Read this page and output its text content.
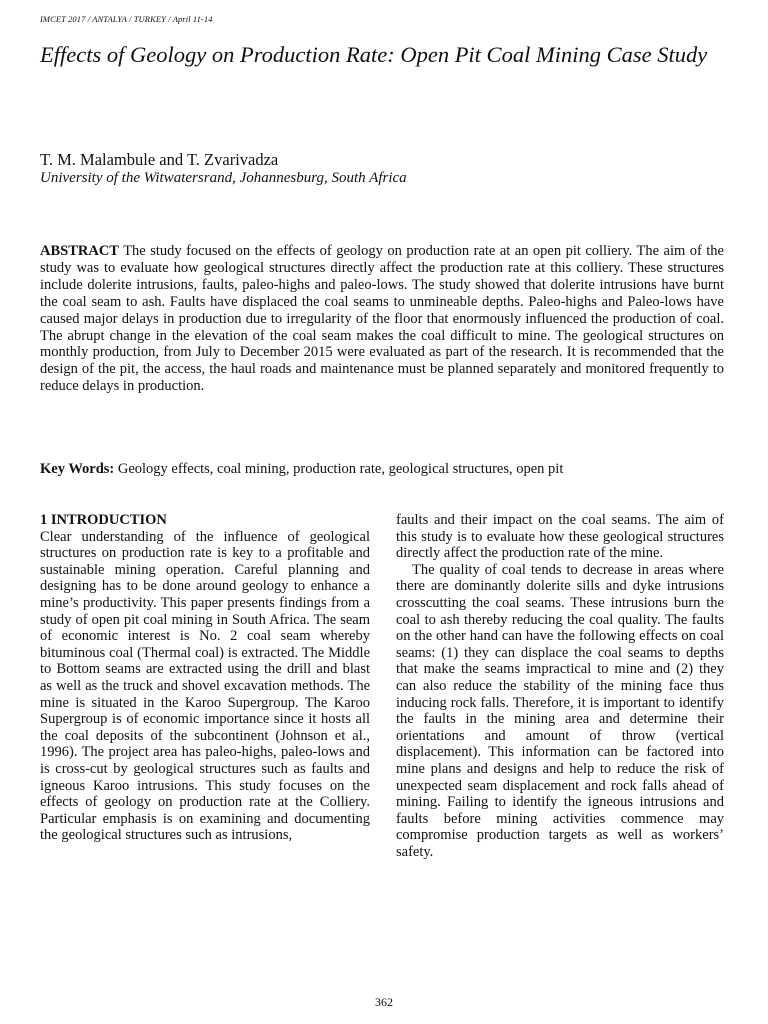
IMCET 2017 / ANTALYA / TURKEY / April 11-14
Effects of Geology on Production Rate: Open Pit Coal Mining Case Study
T. M. Malambule and T. Zvarivadza
University of the Witwatersrand, Johannesburg, South Africa

ABSTRACT The study focused on the effects of geology on production rate at an open pit colliery. The aim of the study was to evaluate how geological structures directly affect the production rate at this colliery. These structures include dolerite intrusions, faults, paleo-highs and paleo-lows. The study showed that dolerite intrusions have burnt the coal seam to ash. Faults have displaced the coal seams to unmineable depths. Paleo-highs and Paleo-lows have caused major delays in production due to irregularity of the floor that enormously influenced the production of coal. The abrupt change in the elevation of the coal seam makes the coal difficult to mine. The geological structures on monthly production, from July to December 2015 were evaluated as part of the research. It is recommended that the design of the pit, the access, the haul roads and maintenance must be planned separately and monitored frequently to reduce delays in production.

Key Words: Geology effects, coal mining, production rate, geological structures, open pit
1 INTRODUCTION

Clear understanding of the influence of geological structures on production rate is key to a profitable and sustainable mining operation. Careful planning and designing has to be done around geology to enhance a mine’s productivity. This paper presents findings from a study of open pit coal mining in South Africa. The seam of economic interest is No. 2 coal seam whereby bituminous coal (Thermal coal) is extracted. The Middle to Bottom seams are extracted using the drill and blast as well as the truck and shovel excavation methods. The mine is situated in the Karoo Supergroup. The Karoo Supergroup is of economic importance since it hosts all the coal deposits of the subcontinent (Johnson et al., 1996). The project area has paleo-highs, paleo-lows and is cross-cut by geological structures such as faults and igneous Karoo intrusions. This study focuses on the effects of geology on production rate at the Colliery. Particular emphasis is on examining and documenting the geological structures such as intrusions,

faults and their impact on the coal seams. The aim of this study is to evaluate how these geological structures directly affect the production rate of the mine.

The quality of coal tends to decrease in areas where there are dominantly dolerite sills and dyke intrusions crosscutting the coal seams. These intrusions burn the coal to ash thereby reducing the coal quality. The faults on the other hand can have the following effects on coal seams: (1) they can displace the coal seams to depths that make the seams impractical to mine and (2) they can also reduce the stability of the mining face thus inducing rock falls. Therefore, it is important to identify the faults in the mining area and determine their orientations and amount of throw (vertical displacement). This information can be factored into mine plans and designs and help to reduce the risk of unexpected seam displacement and rock falls ahead of mining. Failing to identify the igneous intrusions and faults before mining activities commence may compromise production targets as well as workers’ safety.

362
